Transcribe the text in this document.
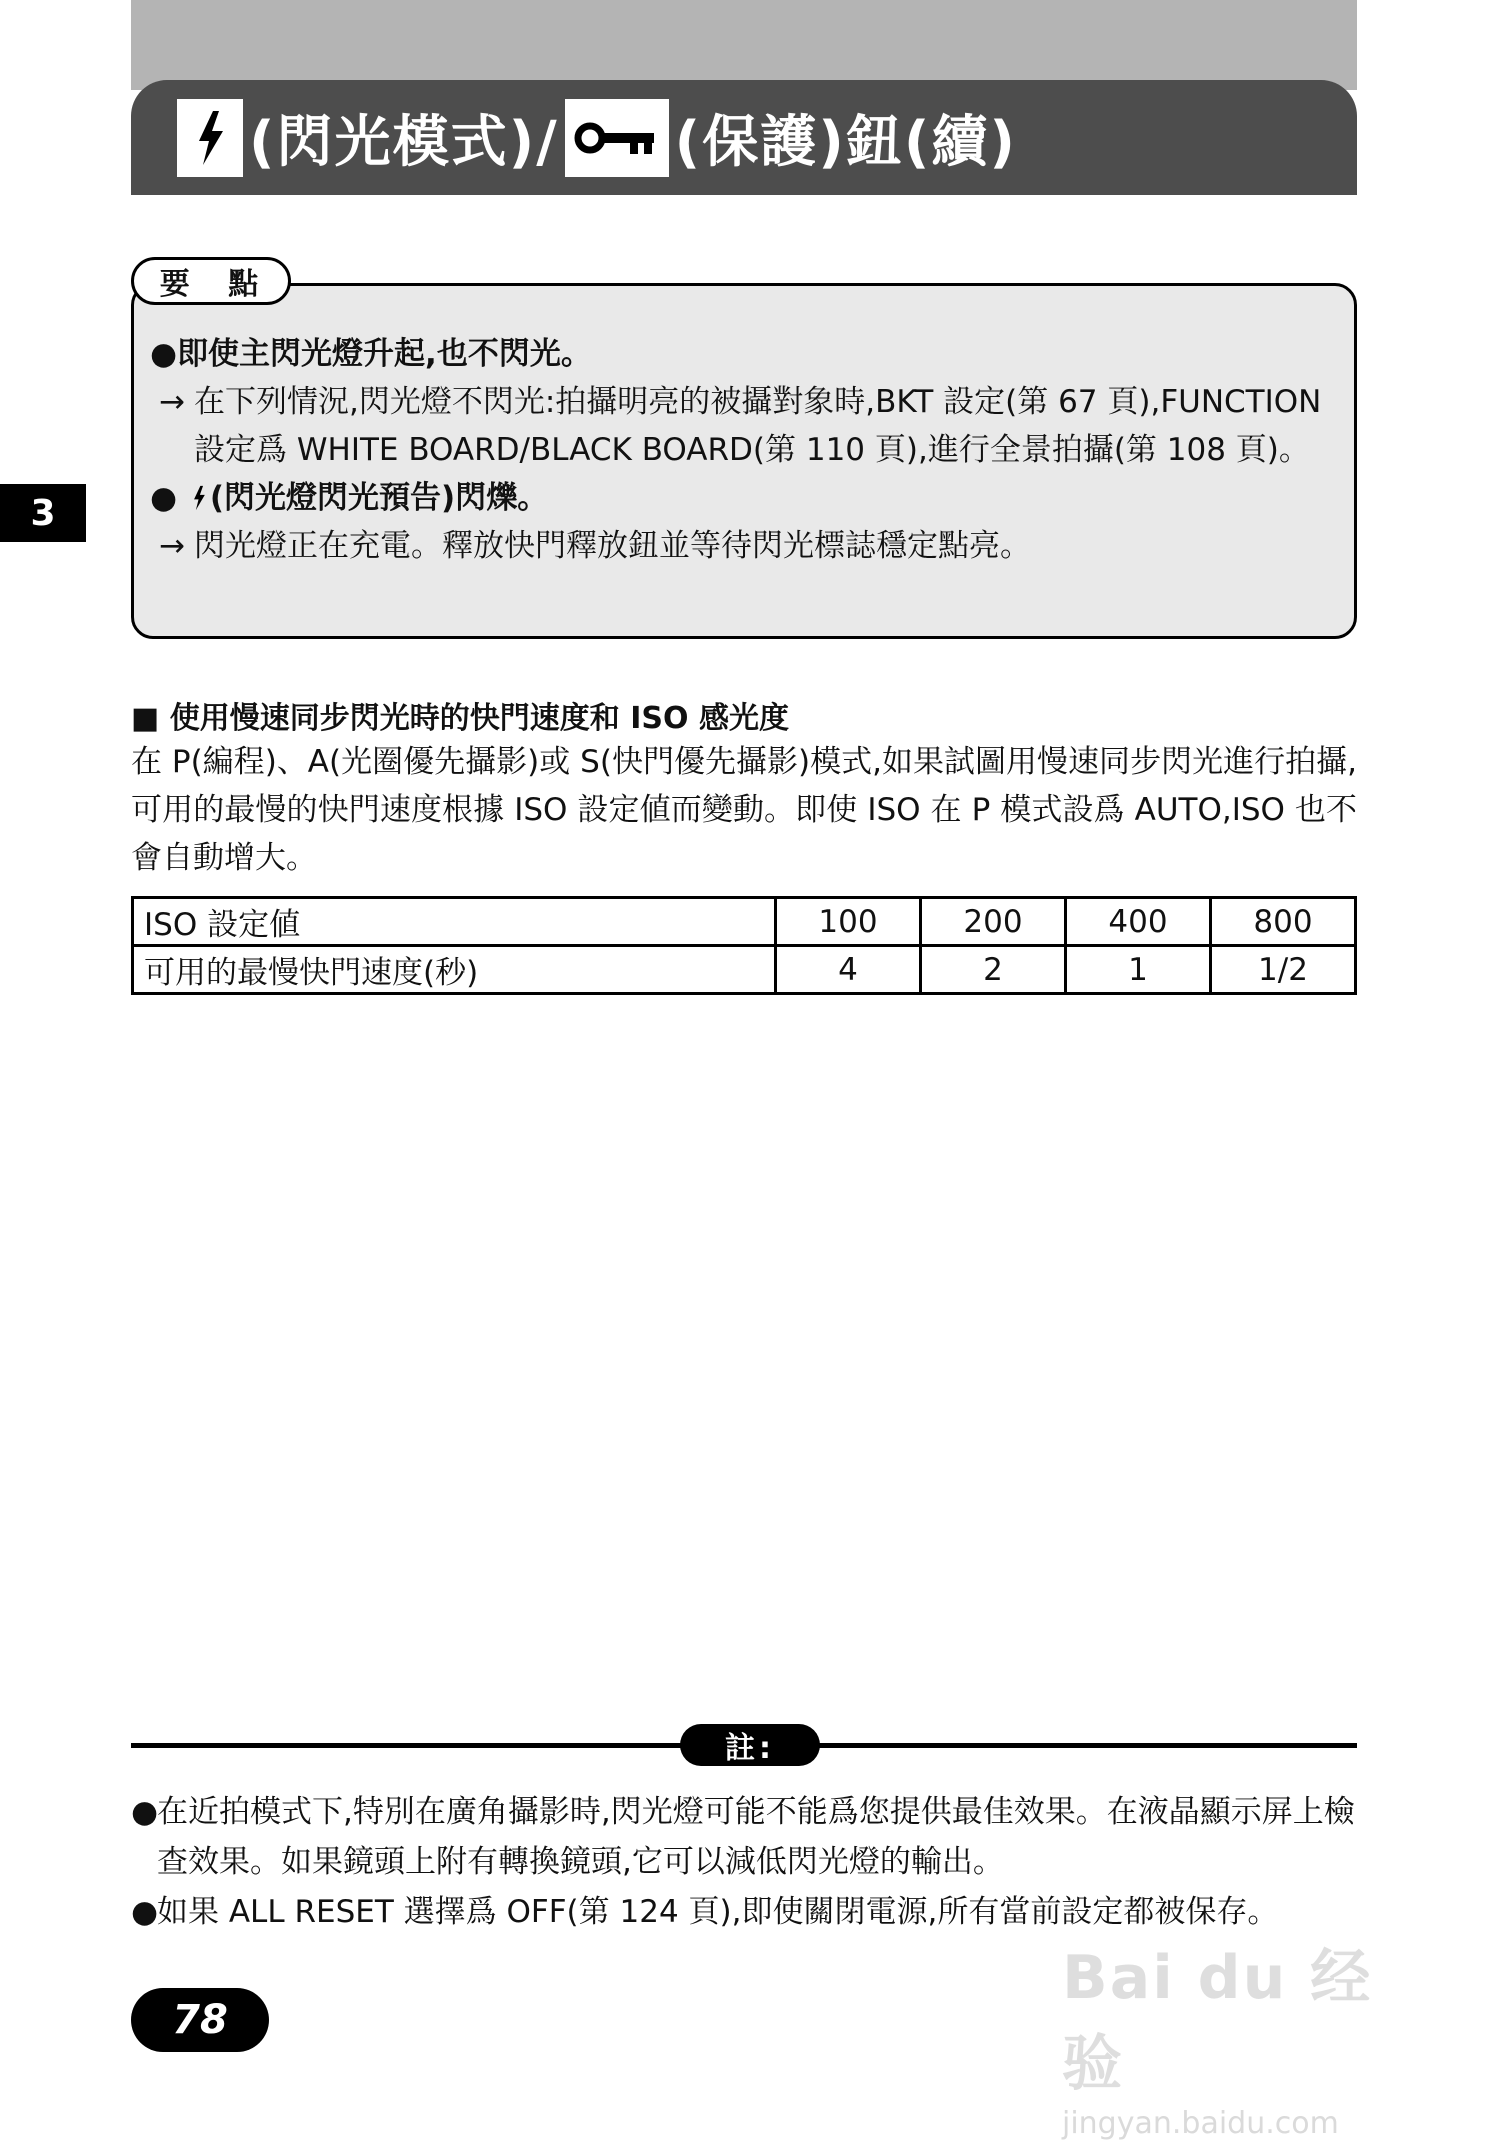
(閃光模式)/ (保護)鈕(續)
3
要 點
●即使主閃光燈升起,也不閃光。
→ 在下列情況,閃光燈不閃光:拍攝明亮的被攝對象時,BKT 設定(第 67 頁),FUNCTION 設定爲 WHITE BOARD/BLACK BOARD(第 110 頁),進行全景拍攝(第 108 頁)。
● (閃光燈閃光預告)閃爍。
→ 閃光燈正在充電。釋放快門釋放鈕並等待閃光標誌穩定點亮。
■ 使用慢速同步閃光時的快門速度和 ISO 感光度
在 P(編程)、A(光圈優先攝影)或 S(快門優先攝影)模式,如果試圖用慢速同步閃光進行拍攝,可用的最慢的快門速度根據 ISO 設定値而變動。即使 ISO 在 P 模式設爲 AUTO,ISO 也不會自動增大。
ISO 設定値	100	200	400	800
可用的最慢快門速度(秒)	4	2	1	1/2
註:
●
在近拍模式下,特別在廣角攝影時,閃光燈可能不能爲您提供最佳效果。在液晶顯示屏上檢查效果。如果鏡頭上附有轉換鏡頭,它可以減低閃光燈的輸出。
●
如果 ALL RESET 選擇爲 OFF(第 124 頁),即使關閉電源,所有當前設定都被保存。
78
Bai du 经验
jingyan.baidu.com
